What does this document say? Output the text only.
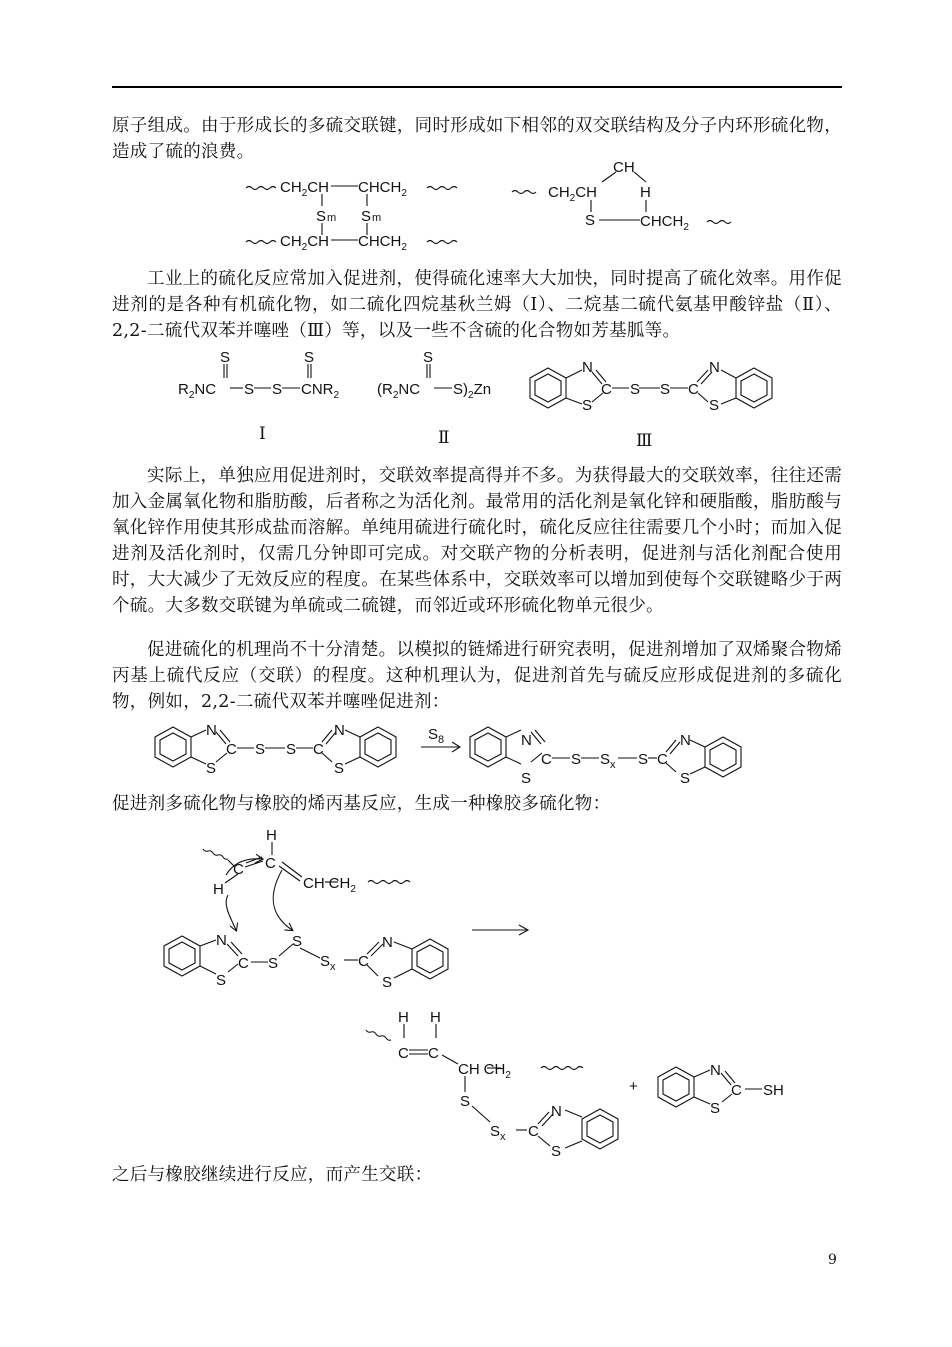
原子组成。由于形成长的多硫交联键，同时形成如下相邻的双交联结构及分子内环形硫化物，造成了硫的浪费。

$CH_2CH$ $CHCH_2$
Sm Sm
$CH_2CH$ $CHCH_2$
CH
$CH_2CH$	H
S	$CHCH_2$

工业上的硫化反应常加入促进剂，使得硫化速率大大加快，同时提高了硫化效率。用作促进剂的是各种有机硫化物，如二硫化四烷基秋兰姆（Ⅰ）、二烷基二硫代氨基甲酸锌盐（Ⅱ）、2,2-二硫代双苯并噻唑（Ⅲ）等，以及一些不含硫的化合物如芳基胍等。

S	S
$R_2NC$ S S $CNR_2$
S
($R_2NC$ $S)_2Zn$
N
S
C S S C
N
S
Ⅰ	Ⅱ	Ⅲ

实际上，单独应用促进剂时，交联效率提高得并不多。为获得最大的交联效率，往往还需加入金属氧化物和脂肪酸，后者称之为活化剂。最常用的活化剂是氧化锌和硬脂酸，脂肪酸与氧化锌作用使其形成盐而溶解。单纯用硫进行硫化时，硫化反应往往需要几个小时；而加入促进剂及活化剂时，仅需几分钟即可完成。对交联产物的分析表明，促进剂与活化剂配合使用时，大大减少了无效反应的程度。在某些体系中，交联效率可以增加到使每个交联键略少于两个硫。大多数交联键为单硫或二硫键，而邻近或环形硫化物单元很少。

促进硫化的机理尚不十分清楚。以模拟的链烯进行研究表明，促进剂增加了双烯聚合物烯丙基上硫代反应（交联）的程度。这种机理认为，促进剂首先与硫反应形成促进剂的多硫化物，例如，2,2-二硫代双苯并噻唑促进剂：

N
S
C S S C
N
S
$S_8$	N
S
C S $S_x$ S C
N
S

促进剂多硫化物与橡胶的烯丙基反应，生成一种橡胶多硫化物：

H
C C
H	CH $CH_2$
N
S
C S
S
$S_x$ C
N
S
H H
C C
CH $CH_2$
S
$S_x$ C
N
S
+
N
S
C SH

之后与橡胶继续进行反应，而产生交联：

9
